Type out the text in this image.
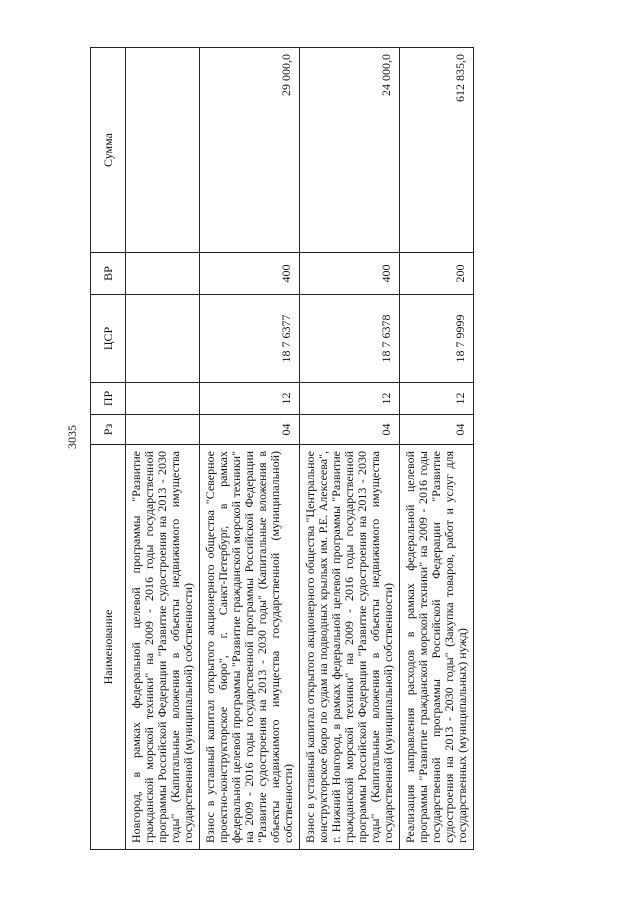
3035
Наименование	Рз	ПР	ЦСР	ВР	Сумма
Новгород, в рамках федеральной целевой программы "Развитие гражданской морской техники" на 2009 - 2016 годы государственной программы Российской Федерации "Развитие судостроения на 2013 - 2030 годы" (Капитальные вложения в объекты недвижимого имущества государственной (муниципальной) собственности)					
Взнос в уставный капитал открытого акционерного общества "Северное проектно-конструкторское бюро", г. Санкт-Петербург, в рамках федеральной целевой программы "Развитие гражданской морской техники" на 2009 - 2016 годы государственной программы Российской Федерации "Развитие судостроения на 2013 - 2030 годы" (Капитальные вложения в объекты недвижимого имущества государственной (муниципальной) собственности)	04	12	18 7 6377	400	29 000,0
Взнос в уставный капитал открытого акционерного общества "Центральное конструкторское бюро по судам на подводных крыльях им. Р.Е. Алексеева", г. Нижний Новгород, в рамках федеральной целевой программы "Развитие гражданской морской техники" на 2009 - 2016 годы государственной программы Российской Федерации "Развитие судостроения на 2013 - 2030 годы" (Капитальные вложения в объекты недвижимого имущества государственной (муниципальной) собственности)	04	12	18 7 6378	400	24 000,0
Реализация направления расходов в рамках федеральной целевой программы "Развитие гражданской морской техники" на 2009 - 2016 годы государственной программы Российской Федерации "Развитие судостроения на 2013 - 2030 годы" (Закупка товаров, работ и услуг для государственных (муниципальных) нужд)	04	12	18 7 9999	200	612 835,0
